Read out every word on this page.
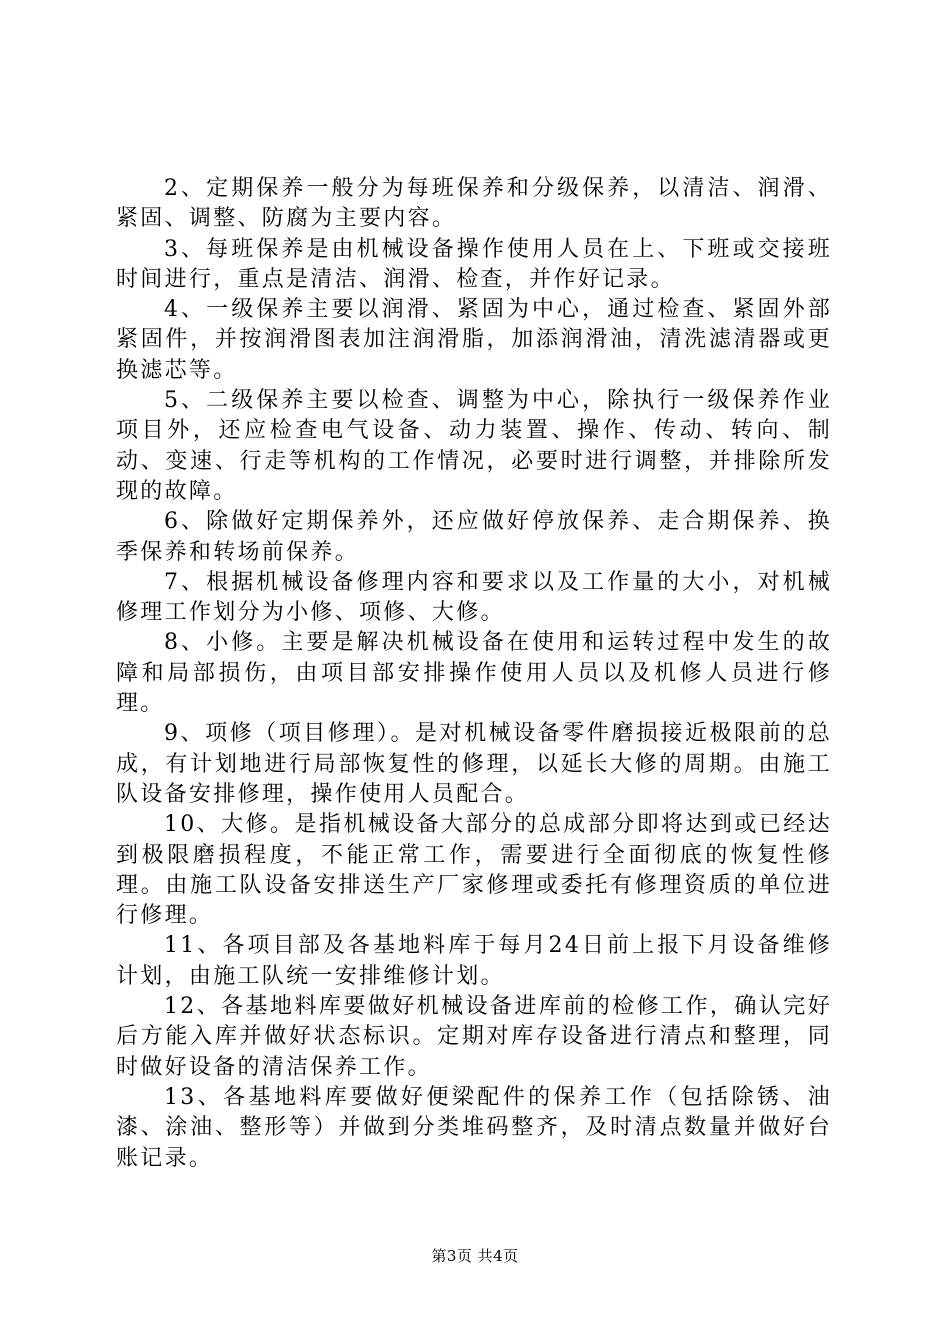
2、定期保养一般分为每班保养和分级保养，以清洁、润滑、紧固、调整、防腐为主要内容。

3、每班保养是由机械设备操作使用人员在上、下班或交接班时间进行，重点是清洁、润滑、检查，并作好记录。

4、一级保养主要以润滑、紧固为中心，通过检查、紧固外部紧固件，并按润滑图表加注润滑脂，加添润滑油，清洗滤清器或更换滤芯等。

5、二级保养主要以检查、调整为中心，除执行一级保养作业项目外，还应检查电气设备、动力装置、操作、传动、转向、制动、变速、行走等机构的工作情况，必要时进行调整，并排除所发现的故障。

6、除做好定期保养外，还应做好停放保养、走合期保养、换季保养和转场前保养。

7、根据机械设备修理内容和要求以及工作量的大小，对机械修理工作划分为小修、项修、大修。

8、小修。主要是解决机械设备在使用和运转过程中发生的故障和局部损伤，由项目部安排操作使用人员以及机修人员进行修理。

9、项修（项目修理）。是对机械设备零件磨损接近极限前的总成，有计划地进行局部恢复性的修理，以延长大修的周期。由施工队设备安排修理，操作使用人员配合。

10、大修。是指机械设备大部分的总成部分即将达到或已经达到极限磨损程度，不能正常工作，需要进行全面彻底的恢复性修理。由施工队设备安排送生产厂家修理或委托有修理资质的单位进行修理。

11、各项目部及各基地料库于每月24日前上报下月设备维修计划，由施工队统一安排维修计划。

12、各基地料库要做好机械设备进库前的检修工作，确认完好后方能入库并做好状态标识。定期对库存设备进行清点和整理，同时做好设备的清洁保养工作。

13、各基地料库要做好便梁配件的保养工作（包括除锈、油漆、涂油、整形等）并做到分类堆码整齐，及时清点数量并做好台账记录。

第3页 共4页
